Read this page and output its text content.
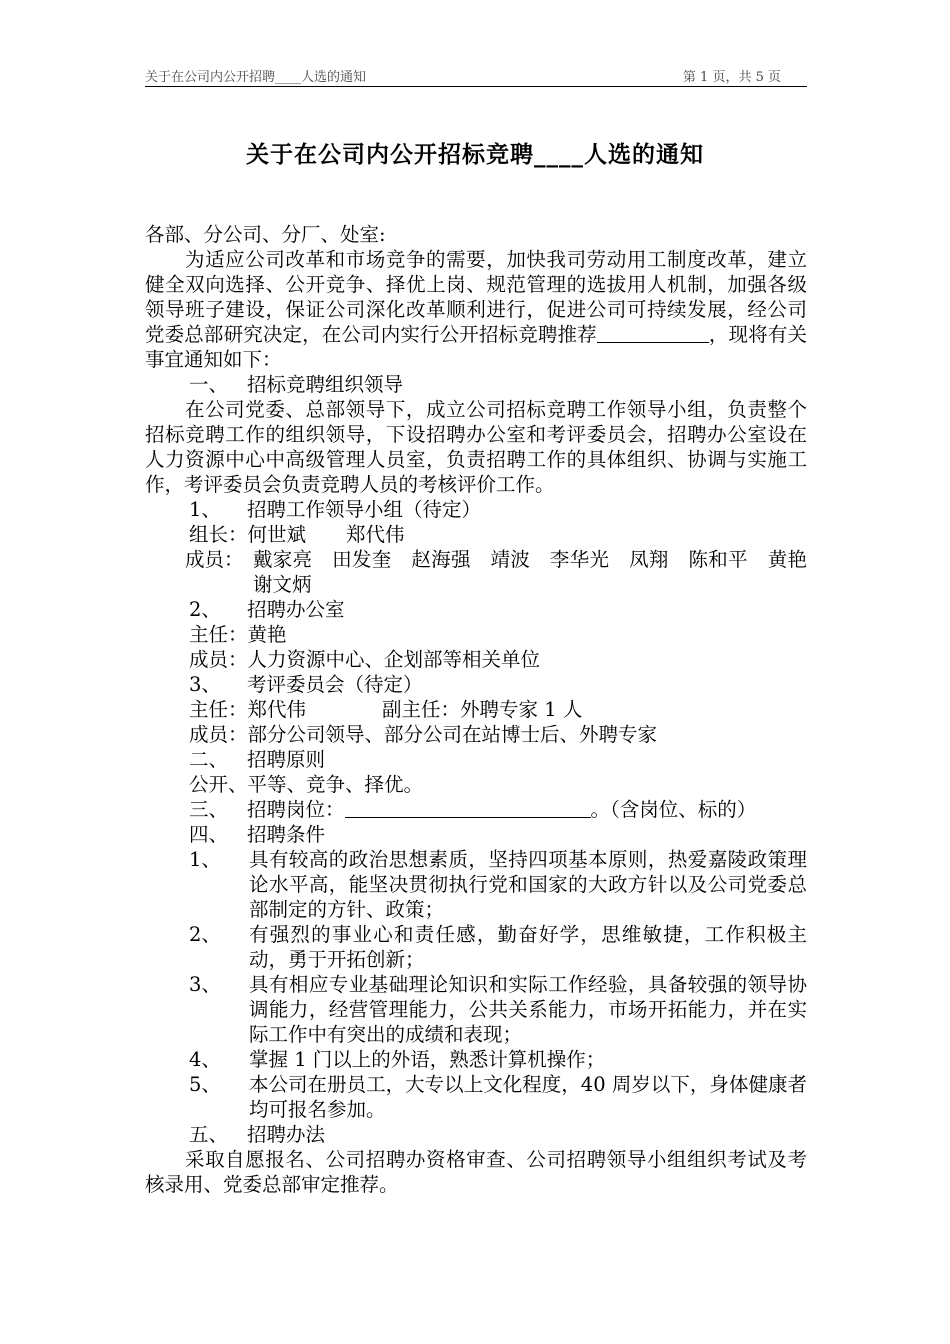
关于在公司内公开招聘____人选的通知	第 1 页，共 5 页
关于在公司内公开招标竞聘____人选的通知

各部、分公司、分厂、处室:

为适应公司改革和市场竞争的需要，加快我司劳动用工制度改革，建立健全双向选择、公开竞争、择优上岗、规范管理的选拔用人机制，加强各级领导班子建设，保证公司深化改革顺利进行，促进公司可持续发展，经公司党委总部研究决定，在公司内实行公开招标竞聘推荐	，现将有关事宜通知如下：

一、 招标竞聘组织领导

在公司党委、总部领导下，成立公司招标竞聘工作领导小组，负责整个招标竞聘工作的组织领导，下设招聘办公室和考评委员会，招聘办公室设在人力资源中心中高级管理人员室，负责招聘工作的具体组织、协调与实施工作，考评委员会负责竞聘人员的考核评价工作。

1、 招聘工作领导小组（待定）
组长：何世斌 郑代伟
成员： 戴家亮　田发奎　赵海强　靖波　李华光　凤翔　陈和平　黄艳　谢文炳
2、 招聘办公室
主任：黄艳
成员：人力资源中心、企划部等相关单位
3、 考评委员会（待定）
主任：郑代伟	副主任：外聘专家 1 人
成员：部分公司领导、部分公司在站博士后、外聘专家
二、 招聘原则
公开、平等、竞争、择优。
三、 招聘岗位：	。（含岗位、标的）
四、 招聘条件
1、	具有较高的政治思想素质，坚持四项基本原则，热爱嘉陵政策理论水平高，能坚决贯彻执行党和国家的大政方针以及公司党委总部制定的方针、政策；
2、	有强烈的事业心和责任感，勤奋好学，思维敏捷，工作积极主动，勇于开拓创新；
3、	具有相应专业基础理论知识和实际工作经验，具备较强的领导协调能力，经营管理能力，公共关系能力，市场开拓能力，并在实际工作中有突出的成绩和表现；
4、	掌握 1 门以上的外语，熟悉计算机操作；
5、	本公司在册员工，大专以上文化程度，40 周岁以下，身体健康者均可报名参加。
五、 招聘办法

采取自愿报名、公司招聘办资格审查、公司招聘领导小组组织考试及考核录用、党委总部审定推荐。
